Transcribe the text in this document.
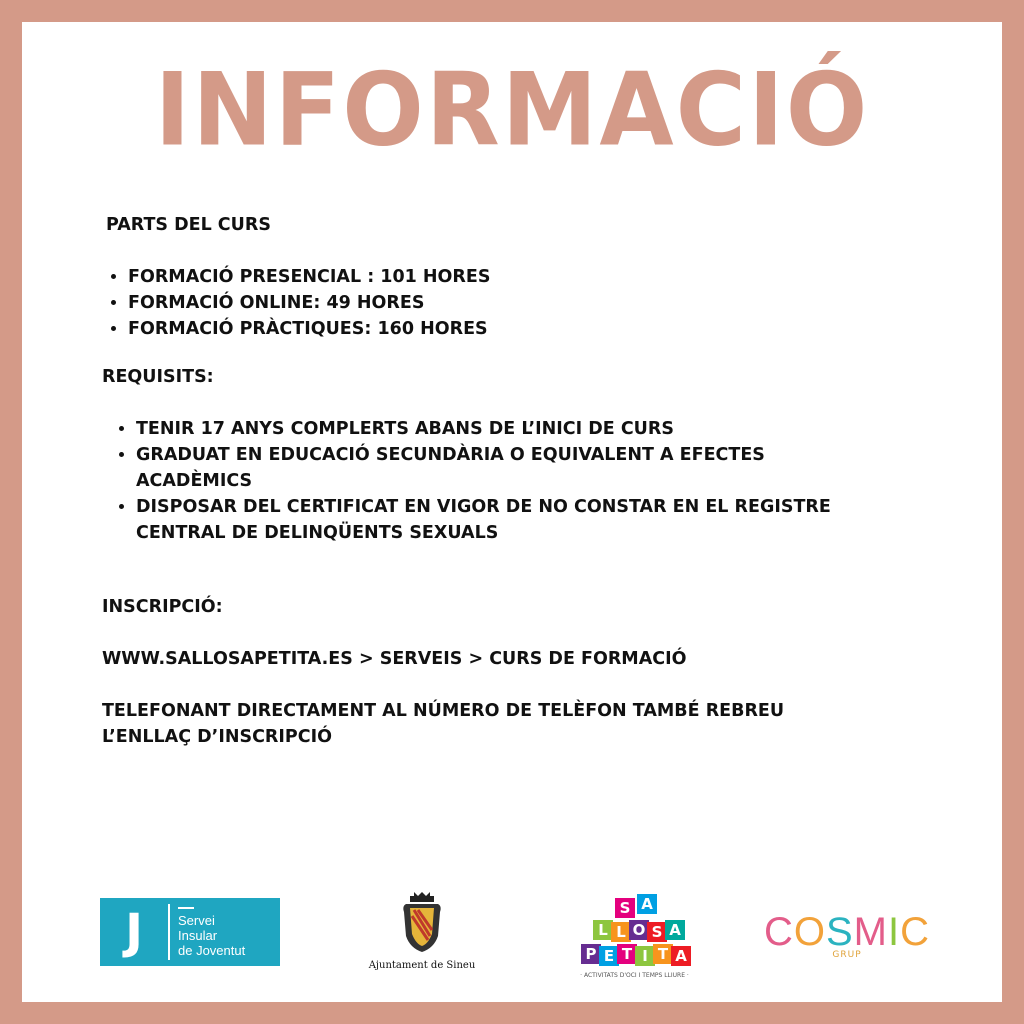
INFORMACIÓ

PARTS DEL CURS

• FORMACIÓ PRESENCIAL : 101 HORES
• FORMACIÓ ONLINE: 49 HORES
• FORMACIÓ PRÀCTIQUES: 160 HORES

REQUISITS:

• TENIR 17 ANYS COMPLERTS ABANS DE L’INICI DE CURS
• GRADUAT EN EDUCACIÓ SECUNDÀRIA O EQUIVALENT A EFECTES ACADÈMICS
• DISPOSAR DEL CERTIFICAT EN VIGOR DE NO CONSTAR EN EL REGISTRE CENTRAL DE DELINQÜENTS SEXUALS

INSCRIPCIÓ:

WWW.SALLOSAPETITA.ES > SERVEIS > CURS DE FORMACIÓ

TELEFONANT DIRECTAMENT AL NÚMERO DE TELÈFON TAMBÉ REBREU L’ENLLAÇ D’INSCRIPCIÓ

J	Servei
Insular
de Joventut
Ajuntament de Sineu
S A
L L O S A
P E T I T A
· ACTIVITATS D'OCI I TEMPS LLIURE ·
COSMIC
GRUP
